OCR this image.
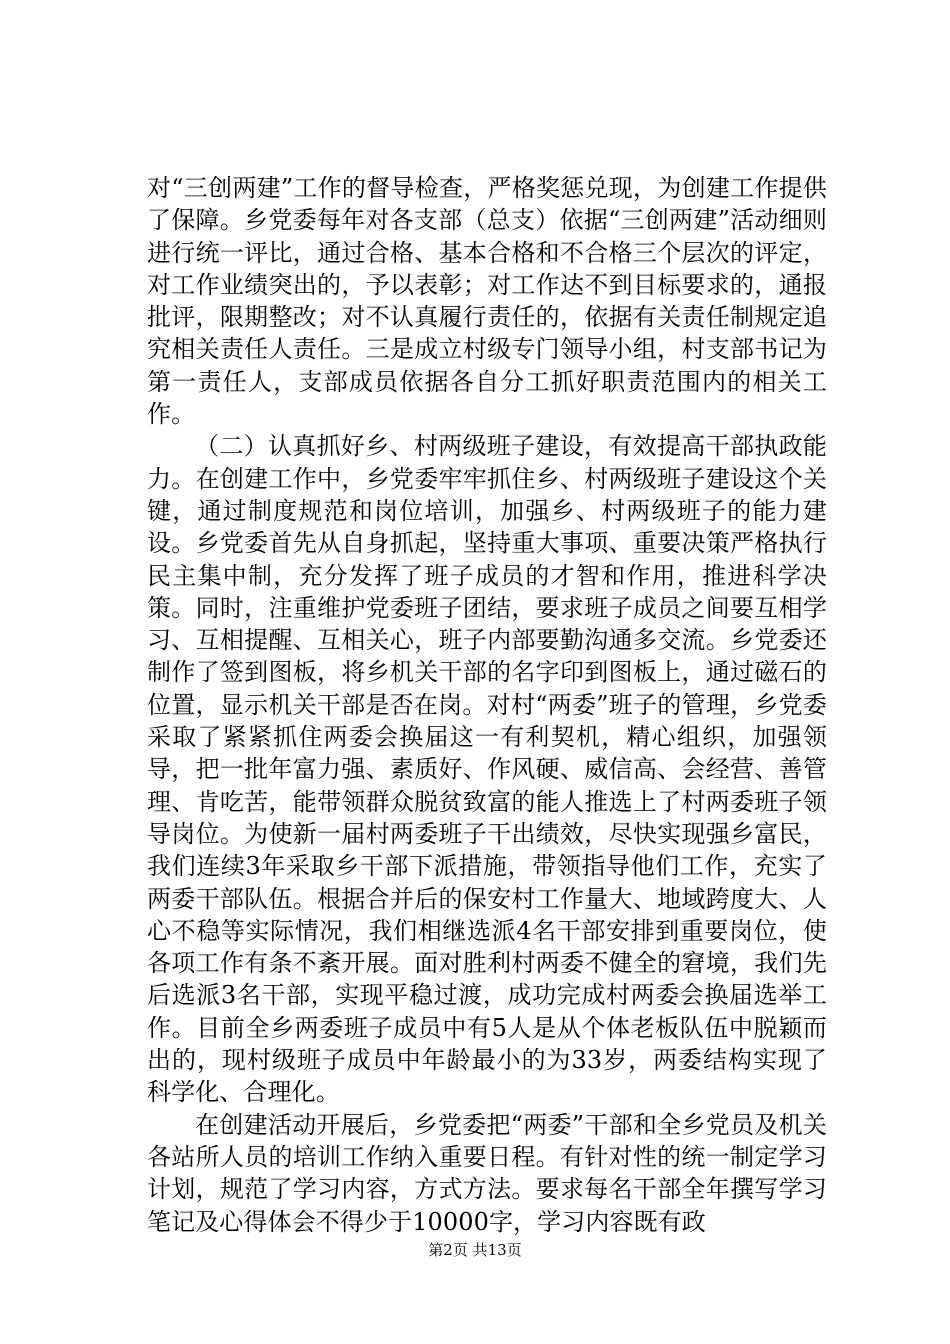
对“三创两建”工作的督导检查，严格奖惩兑现，为创建工作提供了保障。乡党委每年对各支部（总支）依据“三创两建”活动细则进行统一评比，通过合格、基本合格和不合格三个层次的评定，对工作业绩突出的，予以表彰；对工作达不到目标要求的，通报批评，限期整改；对不认真履行责任的，依据有关责任制规定追究相关责任人责任。三是成立村级专门领导小组，村支部书记为第一责任人，支部成员依据各自分工抓好职责范围内的相关工作。

（二）认真抓好乡、村两级班子建设，有效提高干部执政能力。在创建工作中，乡党委牢牢抓住乡、村两级班子建设这个关键，通过制度规范和岗位培训，加强乡、村两级班子的能力建设。乡党委首先从自身抓起，坚持重大事项、重要决策严格执行民主集中制，充分发挥了班子成员的才智和作用，推进科学决策。同时，注重维护党委班子团结，要求班子成员之间要互相学习、互相提醒、互相关心，班子内部要勤沟通多交流。乡党委还制作了签到图板，将乡机关干部的名字印到图板上，通过磁石的位置，显示机关干部是否在岗。对村“两委”班子的管理，乡党委采取了紧紧抓住两委会换届这一有利契机，精心组织，加强领导，把一批年富力强、素质好、作风硬、威信高、会经营、善管理、肯吃苦，能带领群众脱贫致富的能人推选上了村两委班子领导岗位。为使新一届村两委班子干出绩效，尽快实现强乡富民，我们连续3年采取乡干部下派措施，带领指导他们工作，充实了两委干部队伍。根据合并后的保安村工作量大、地域跨度大、人心不稳等实际情况，我们相继选派4名干部安排到重要岗位，使各项工作有条不紊开展。面对胜利村两委不健全的窘境，我们先后选派3名干部，实现平稳过渡，成功完成村两委会换届选举工作。目前全乡两委班子成员中有5人是从个体老板队伍中脱颖而出的，现村级班子成员中年龄最小的为33岁，两委结构实现了科学化、合理化。

在创建活动开展后，乡党委把“两委”干部和全乡党员及机关各站所人员的培训工作纳入重要日程。有针对性的统一制定学习计划，规范了学习内容，方式方法。要求每名干部全年撰写学习笔记及心得体会不得少于10000字，学习内容既有政

第2页 共13页
